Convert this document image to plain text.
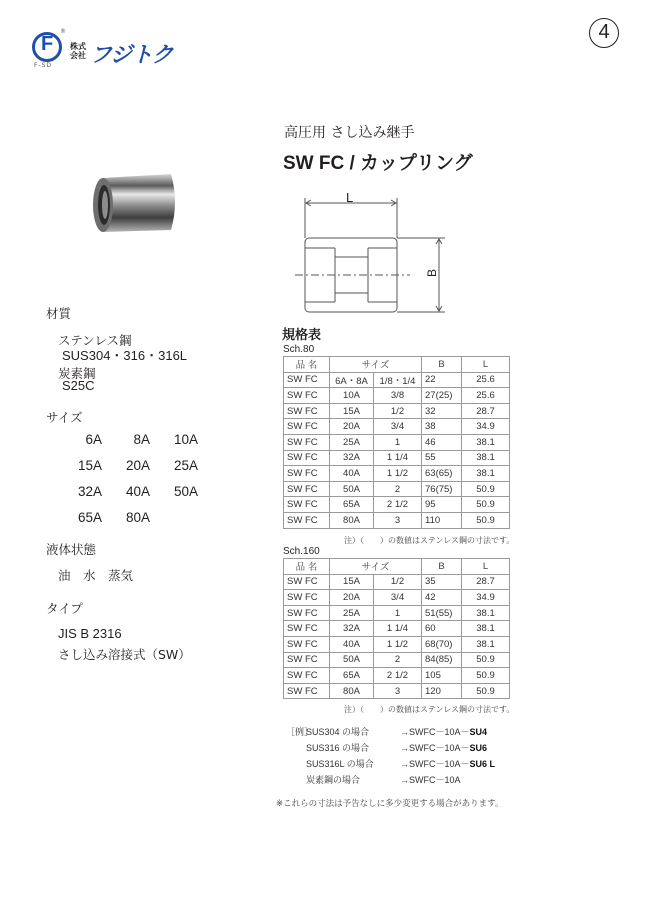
F
®
F-SD
株式会社 フジトク
4
高圧用 さし込み継手
SW FC / カップリング
L
B
材質
ステンレス鋼
SUS304・316・316L
炭素鋼
S25C
サイズ
6A	8A	10A
15A	20A	25A
32A	40A	50A
65A	80A
液体状態
油　水　蒸気
タイプ
JIS B 2316
さし込み溶接式（SW）
規格表
Sch.80
品 名	サイズ		B	L
SW FC	6A・8A	1/8・1/4	22	25.6
SW FC	10A	3/8	27(25)	25.6
SW FC	15A	1/2	32	28.7
SW FC	20A	3/4	38	34.9
SW FC	25A	1	46	38.1
SW FC	32A	1 1/4	55	38.1
SW FC	40A	1 1/2	63(65)	38.1
SW FC	50A	2	76(75)	50.9
SW FC	65A	2 1/2	95	50.9
SW FC	80A	3	110	50.9
注）（　　）の数値はステンレス鋼の寸法です。
Sch.160
品 名	サイズ		B	L
SW FC	15A	1/2	35	28.7
SW FC	20A	3/4	42	34.9
SW FC	25A	1	51(55)	38.1
SW FC	32A	1 1/4	60	38.1
SW FC	40A	1 1/2	68(70)	38.1
SW FC	50A	2	84(85)	50.9
SW FC	65A	2 1/2	105	50.9
SW FC	80A	3	120	50.9
注）（　　）の数値はステンレス鋼の寸法です。
［例］
SUS304 の場合	→SWFC－10A－ SU4
SUS316 の場合	→SWFC－10A－ SU6
SUS316L の場合	→SWFC－10A－ SU6 L
炭素鋼の場合	→SWFC－10A
※これらの寸法は予告なしに多少変更する場合があります。
